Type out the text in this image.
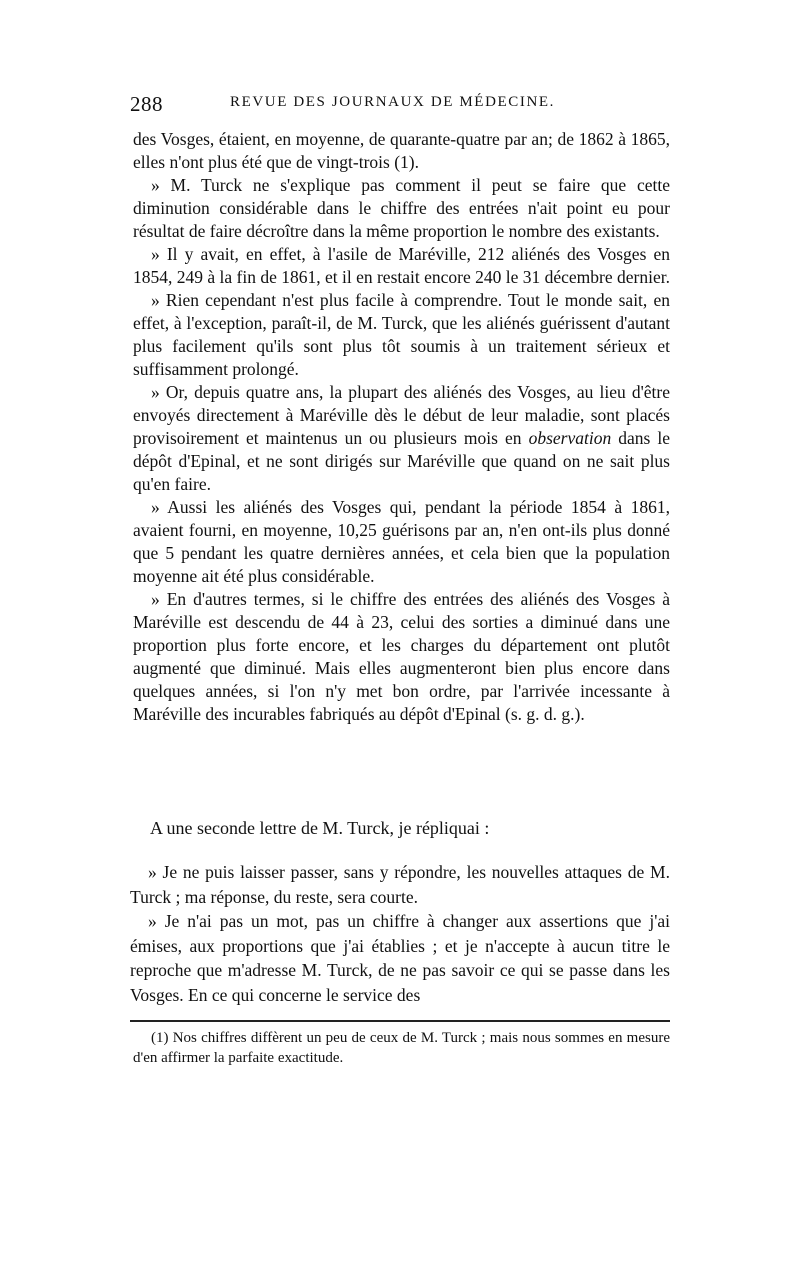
288	REVUE DES JOURNAUX DE MÉDECINE.

des Vosges, étaient, en moyenne, de quarante-quatre par an; de 1862 à 1865, elles n'ont plus été que de vingt-trois (1).

» M. Turck ne s'explique pas comment il peut se faire que cette diminution considérable dans le chiffre des entrées n'ait point eu pour résultat de faire décroître dans la même proportion le nombre des existants.

» Il y avait, en effet, à l'asile de Maréville, 212 aliénés des Vosges en 1854, 249 à la fin de 1861, et il en restait encore 240 le 31 décembre dernier.

» Rien cependant n'est plus facile à comprendre. Tout le monde sait, en effet, à l'exception, paraît-il, de M. Turck, que les aliénés guérissent d'autant plus facilement qu'ils sont plus tôt soumis à un traitement sérieux et suffisamment prolongé.

» Or, depuis quatre ans, la plupart des aliénés des Vosges, au lieu d'être envoyés directement à Maréville dès le début de leur maladie, sont placés provisoirement et maintenus un ou plusieurs mois en observation dans le dépôt d'Epinal, et ne sont dirigés sur Maréville que quand on ne sait plus qu'en faire.

» Aussi les aliénés des Vosges qui, pendant la période 1854 à 1861, avaient fourni, en moyenne, 10,25 guérisons par an, n'en ont-ils plus donné que 5 pendant les quatre dernières années, et cela bien que la population moyenne ait été plus considérable.

» En d'autres termes, si le chiffre des entrées des aliénés des Vosges à Maréville est descendu de 44 à 23, celui des sorties a diminué dans une proportion plus forte encore, et les charges du département ont plutôt augmenté que diminué. Mais elles augmenteront bien plus encore dans quelques années, si l'on n'y met bon ordre, par l'arrivée incessante à Maréville des incurables fabriqués au dépôt d'Epinal (s. g. d. g.).

A une seconde lettre de M. Turck, je répliquai :

» Je ne puis laisser passer, sans y répondre, les nouvelles attaques de M. Turck ; ma réponse, du reste, sera courte.

» Je n'ai pas un mot, pas un chiffre à changer aux assertions que j'ai émises, aux proportions que j'ai établies ; et je n'accepte à aucun titre le reproche que m'adresse M. Turck, de ne pas savoir ce qui se passe dans les Vosges. En ce qui concerne le service des

(1) Nos chiffres diffèrent un peu de ceux de M. Turck ; mais nous sommes en mesure d'en affirmer la parfaite exactitude.
